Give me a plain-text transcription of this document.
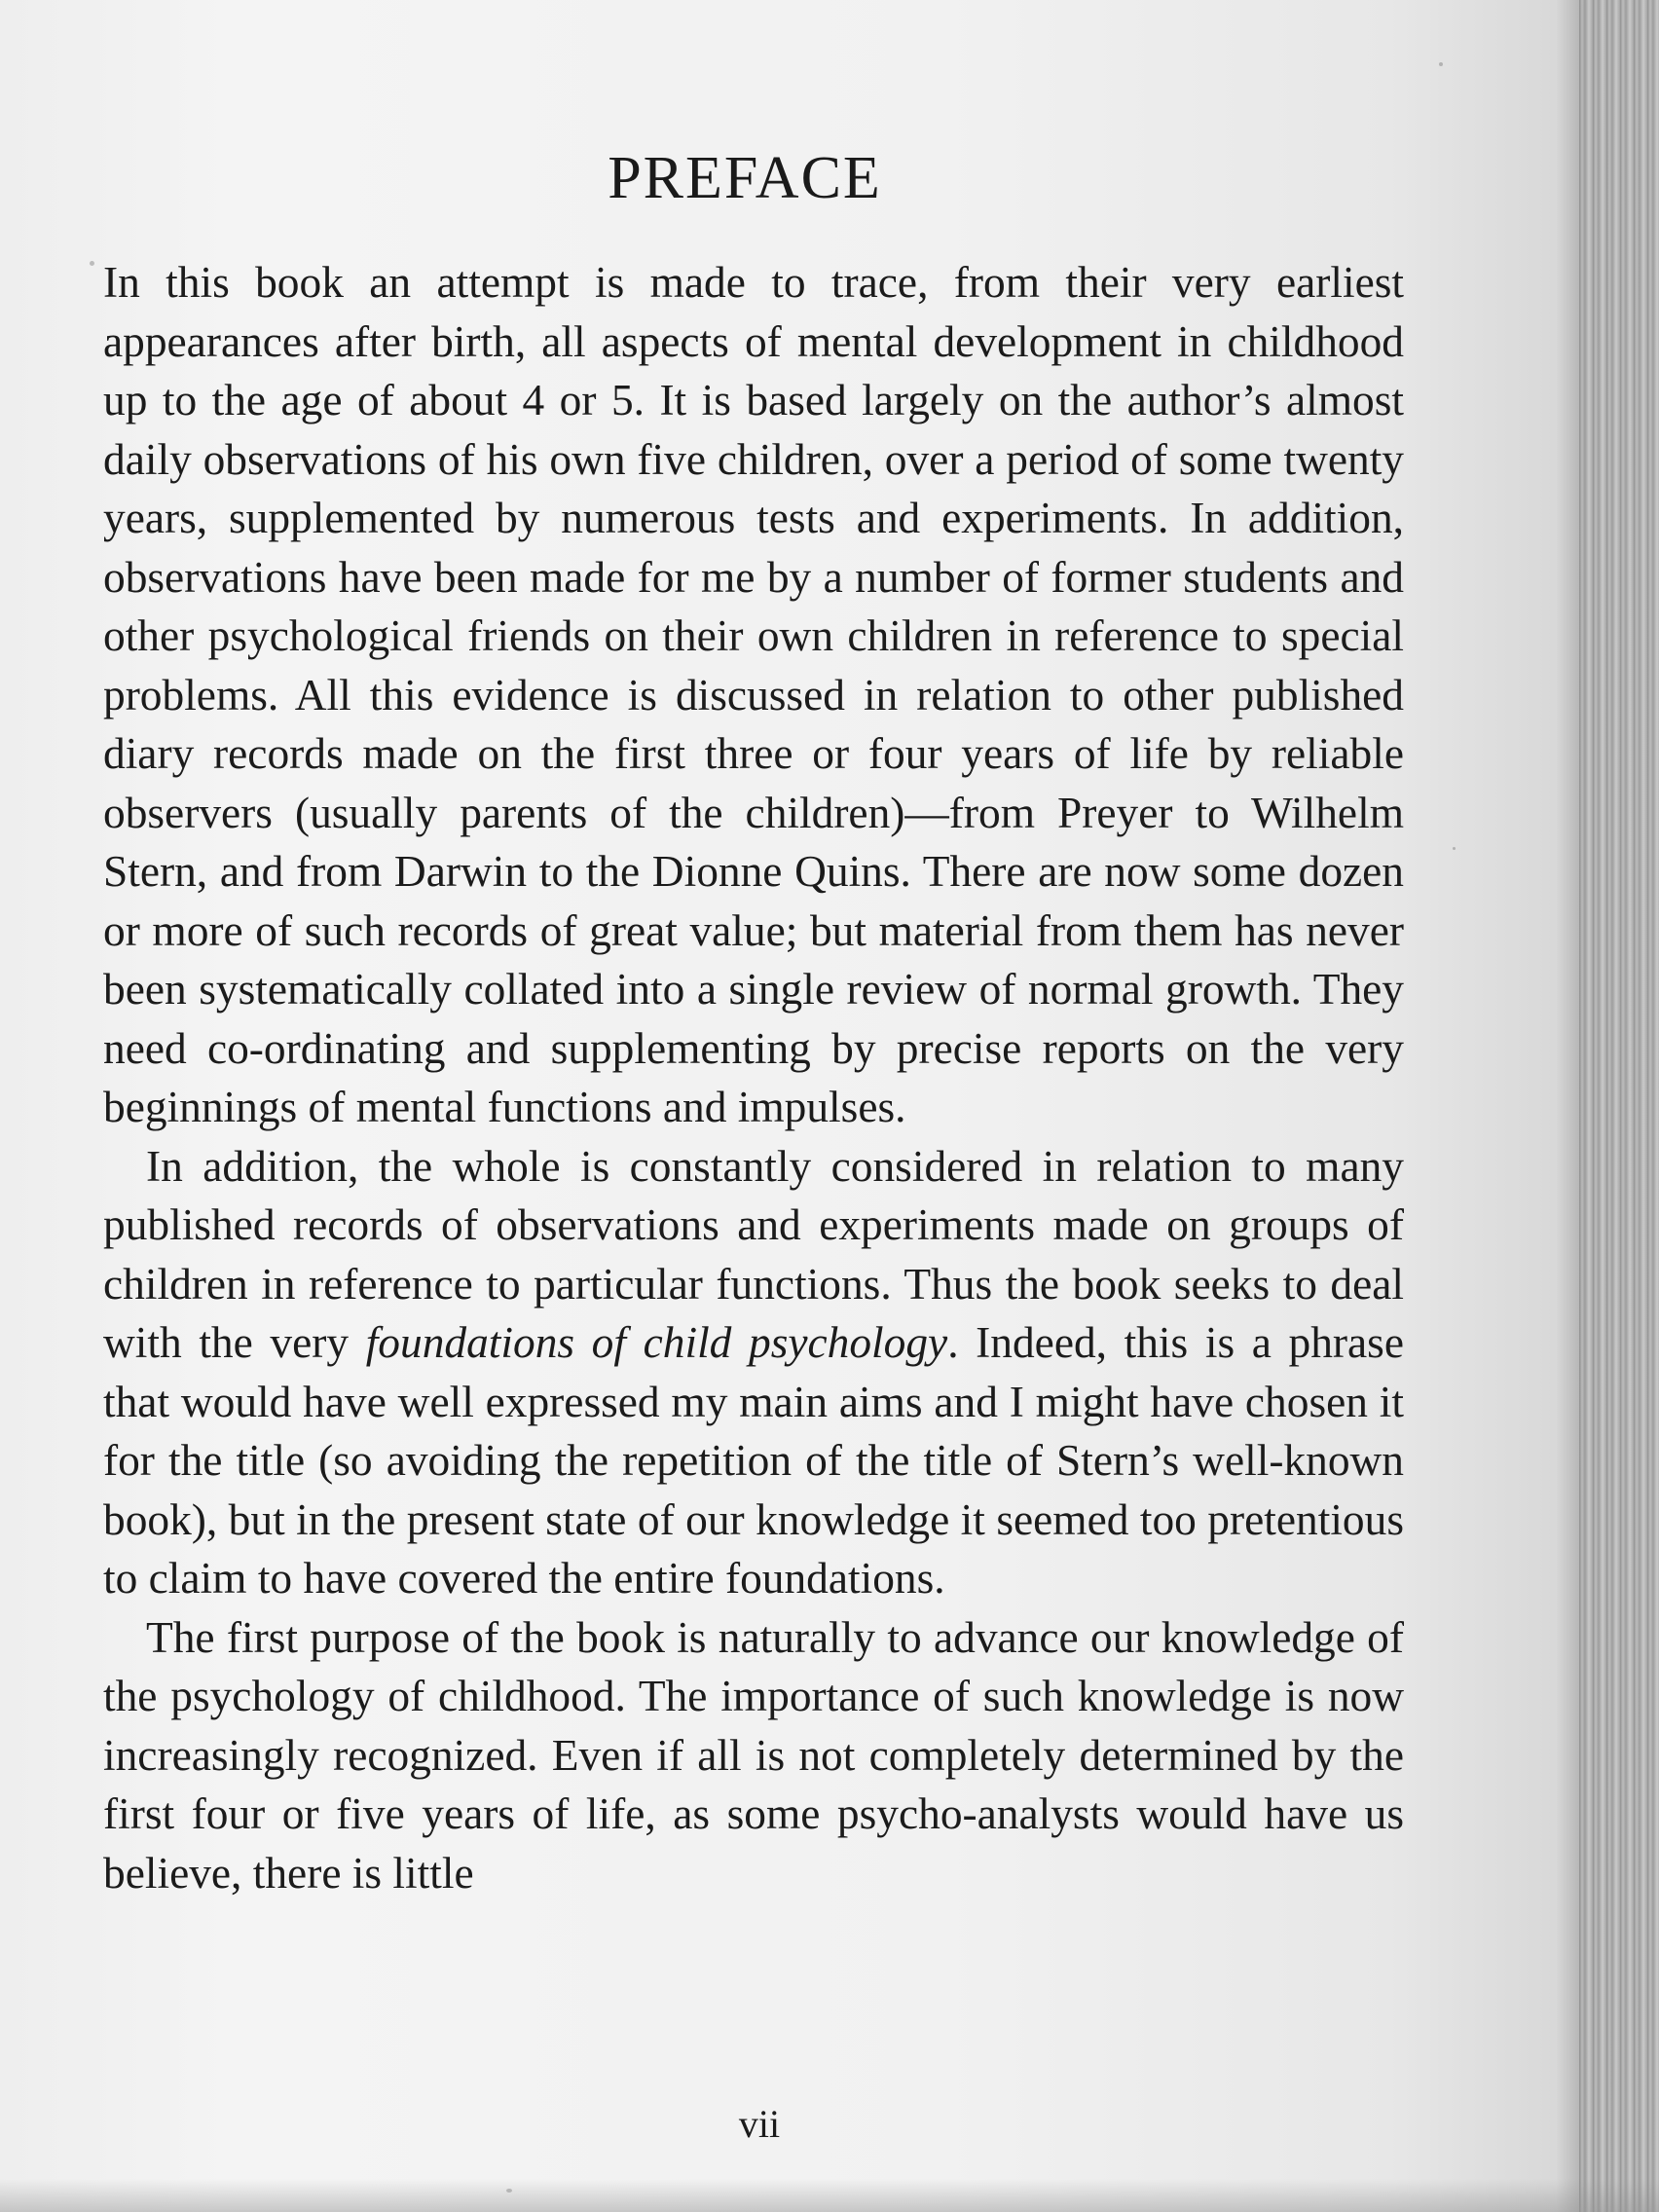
PREFACE

In this book an attempt is made to trace, from their very earliest appearances after birth, all aspects of mental development in childhood up to the age of about 4 or 5. It is based largely on the author’s almost daily observations of his own five children, over a period of some twenty years, supplemented by numerous tests and experiments. In addition, observations have been made for me by a number of former students and other psychological friends on their own children in reference to special problems. All this evidence is discussed in relation to other published diary records made on the first three or four years of life by reliable observers (usually parents of the children)—from Preyer to Wilhelm Stern, and from Darwin to the Dionne Quins. There are now some dozen or more of such records of great value; but material from them has never been systematically collated into a single review of normal growth. They need co-ordinating and supplementing by precise reports on the very beginnings of mental functions and impulses.

In addition, the whole is constantly considered in relation to many published records of observations and experiments made on groups of children in reference to particular functions. Thus the book seeks to deal with the very foundations of child psychology. Indeed, this is a phrase that would have well expressed my main aims and I might have chosen it for the title (so avoiding the repetition of the title of Stern’s well-known book), but in the present state of our knowledge it seemed too pretentious to claim to have covered the entire foundations.

The first purpose of the book is naturally to advance our knowledge of the psychology of childhood. The importance of such knowledge is now increasingly recognized. Even if all is not completely determined by the first four or five years of life, as some psycho-analysts would have us believe, there is little

vii
